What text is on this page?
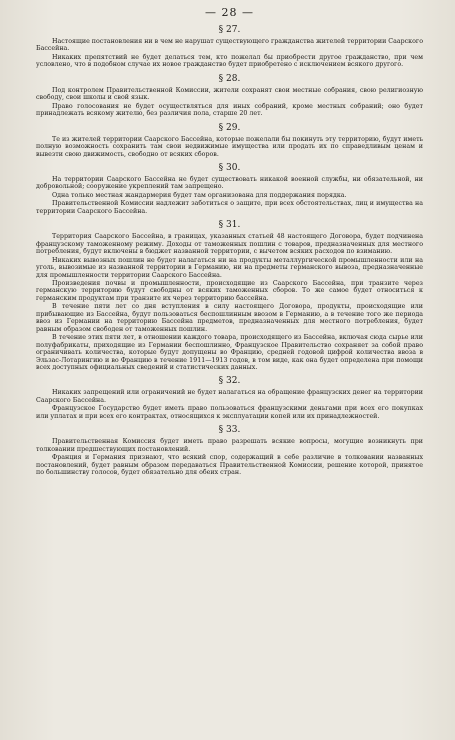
— 28 —
§ 27.

Настоящие постановления ни в чем не нарушат существующего гражданства жителей территории Саарского Бассейна.

Никаких препятствий не будет делаться тем, кто пожелал бы приобрести другое гражданство, при чем условлено, что в подобном случае их новое гражданство будет приобретено с исключением всякого другого.

§ 28.

Под контролем Правительственной Комиссии, жители сохранят свои местные собрания, свою религиозную свободу, свои школы и свой язык.

Право голосования не будет осуществляться для иных собраний, кроме местных собраний; оно будет принадлежать всякому жителю, без различия пола, старше 20 лет.

§ 29.

Те из жителей территории Саарского Бассейна, которые пожелали бы покинуть эту территорию, будут иметь полную возможность сохранить там свои недвижимые имущества или продать их по справедливым ценам и вывезти свою движимость, свободно от всяких сборов.

§ 30.

На территории Саарского Бассейна не будет существовать никакой военной службы, ни обязательной, ни добровольной; сооружение укреплений там запрещено.

Одна только местная жандармерия будет там организована для поддержания порядка.

Правительственной Комиссии надлежит заботиться о защите, при всех обстоятельствах, лиц и имущества на территории Саарского Бассейна.

§ 31.

Территория Саарского Бассейна, в границах, указанных статьей 48 настоящего Договора, будет подчинена французскому таможенному режиму. Доходы от таможенных пошлин с товаров, предназначенных для местного потребления, будут включены в бюджет названной территории, с вычетом всяких расходов по взиманию.

Никаких вывозных пошлин не будет налагаться ни на продукты металлургической промышленности или на уголь, вывозимые из названной территории в Германию, ни на предметы германского вывоза, предназначенные для промышленности территории Саарского Бассейна.

Произведения почвы и промышленности, происходящие из Саарского Бассейна, при транзите через германскую территорию будут свободны от всяких таможенных сборов. То же самое будет относиться к германским продуктам при транзите их через территорию бассейна.

В течение пяти лет со дня вступления в силу настоящего Договора, продукты, происходящие или прибывающие из Бассейна, будут пользоваться беспошлинным ввозом в Германию, а в течение того же периода ввоз из Германии на территорию Бассейна предметов, предназначенных для местного потребления, будет равным образом свободен от таможенных пошлин.

В течение этих пяти лет, в отношении каждого товара, происходящего из Бассейна, включая сюда сырье или полуфабрикаты, приходящие из Германии беспошлинно, Французское Правительство сохраняет за собой право ограничивать количества, которые будут допущены во Францию, средней годовой цифрой количества ввоза в Эльзас-Лотарингию и во Францию в течение 1911—1913 годов, в том виде, как она будет определена при помощи всех доступных официальных сведений и статистических данных.

§ 32.

Никаких запрещений или ограничений не будет налагаться на обращение французских денег на территории Саарского Бассейна.

Французское Государство будет иметь право пользоваться французскими деньгами при всех его покупках или уплатах и при всех его контрактах, относящихся к эксплуатации копей или их принадлежностей.

§ 33.

Правительственная Комиссия будет иметь право разрешать всякие вопросы, могущие возникнуть при толковании предшествующих постановлений.

Франция и Германия признают, что всякий спор, содержащий в себе различие в толковании названных постановлений, будет равным образом передаваться Правительственной Комиссии, решение которой, принятое по большинству голосов, будет обязательно для обеих стран.
